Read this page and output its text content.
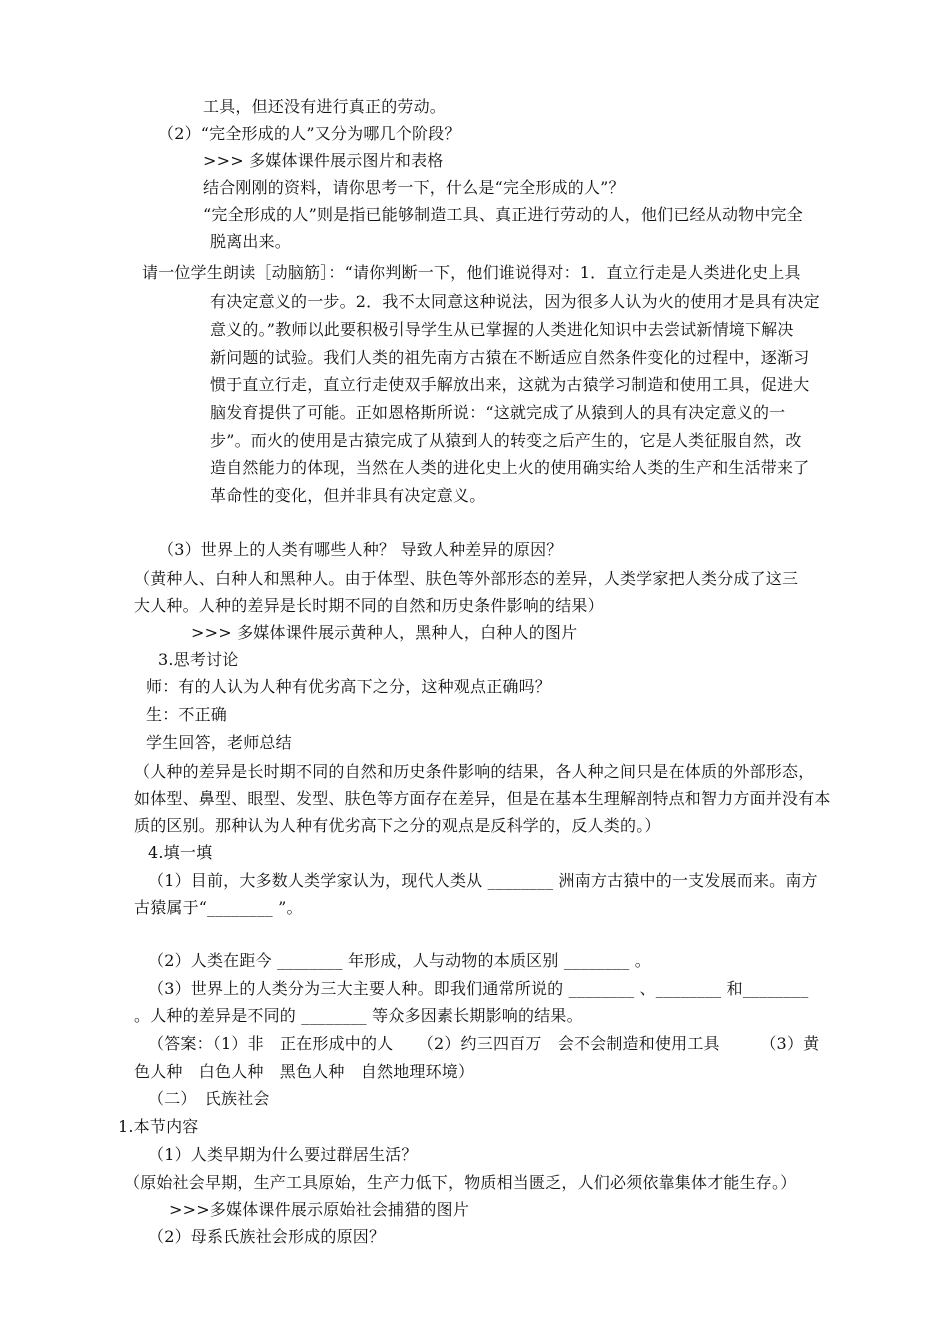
工具，但还没有进行真正的劳动。
（2）“完全形成的人”又分为哪几个阶段？
>>> 多媒体课件展示图片和表格
结合刚刚的资料，请你思考一下，什么是“完全形成的人”？
“完全形成的人”则是指已能够制造工具、真正进行劳动的人，他们已经从动物中完全
脱离出来。
请一位学生朗读［动脑筋］：“请你判断一下，他们谁说得对：1．直立行走是人类进化史上具
有决定意义的一步。2．我不太同意这种说法，因为很多人认为火的使用才是具有决定
意义的。”教师以此要积极引导学生从已掌握的人类进化知识中去尝试新情境下解决
新问题的试验。我们人类的祖先南方古猿在不断适应自然条件变化的过程中，逐渐习
惯于直立行走，直立行走使双手解放出来，这就为古猿学习制造和使用工具，促进大
脑发育提供了可能。正如恩格斯所说：“这就完成了从猿到人的具有决定意义的一
步”。而火的使用是古猿完成了从猿到人的转变之后产生的，它是人类征服自然，改
造自然能力的体现，当然在人类的进化史上火的使用确实给人类的生产和生活带来了
革命性的变化，但并非具有决定意义。
（3）世界上的人类有哪些人种？ 导致人种差异的原因？
（黄种人、白种人和黑种人。由于体型、肤色等外部形态的差异，人类学家把人类分成了这三
大人种。人种的差异是长时期不同的自然和历史条件影响的结果）
>>> 多媒体课件展示黄种人，黑种人，白种人的图片
3.思考讨论
师：有的人认为人种有优劣高下之分，这种观点正确吗？
生：不正确
学生回答，老师总结
（人种的差异是长时期不同的自然和历史条件影响的结果，各人种之间只是在体质的外部形态，
如体型、鼻型、眼型、发型、肤色等方面存在差异，但是在基本生理解剖特点和智力方面并没有本
质的区别。那种认为人种有优劣高下之分的观点是反科学的，反人类的。）
4.填一填
（1）目前，大多数人类学家认为，现代人类从 ________ 洲南方古猿中的一支发展而来。南方
古猿属于“________ ”。
（2）人类在距今 ________ 年形成，人与动物的本质区别 ________ 。
（3）世界上的人类分为三大主要人种。即我们通常所说的 ________ 、________ 和________
。人种的差异是不同的 ________ 等众多因素长期影响的结果。
（答案：（1）非　正在形成中的人　　（2）约三四百万　会不会制造和使用工具　　　（3）黄
色人种　白色人种　黑色人种　自然地理环境）
（二）　氏族社会
1.本节内容
（1）人类早期为什么要过群居生活？
（原始社会早期，生产工具原始，生产力低下，物质相当匮乏，人们必须依靠集体才能生存。）
>>>多媒体课件展示原始社会捕猎的图片
（2）母系氏族社会形成的原因？
